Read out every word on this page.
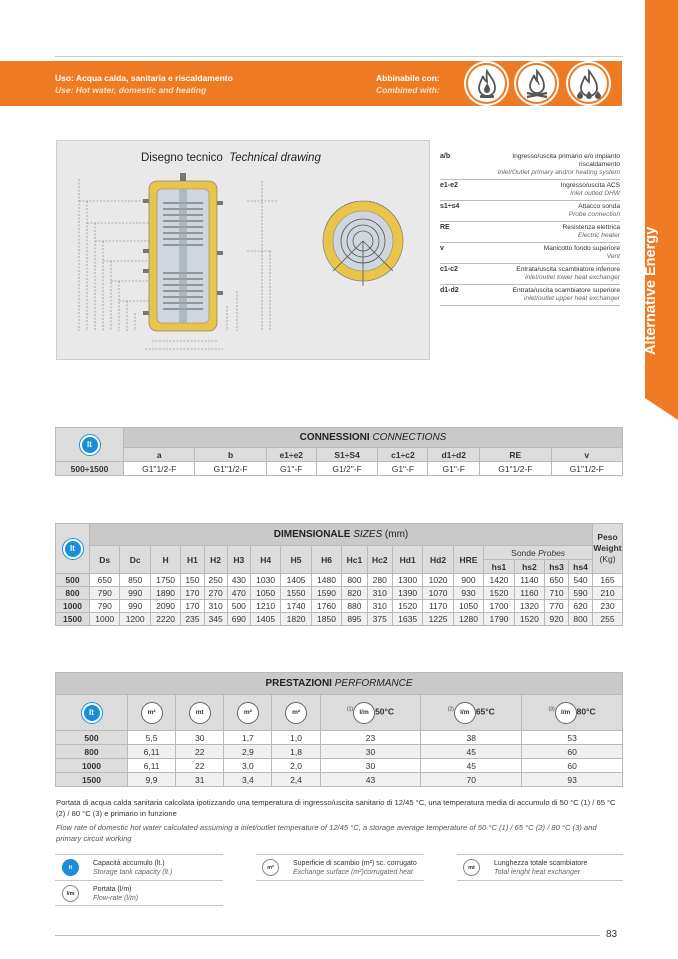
Uso: Acqua calda, sanitaria e riscaldamento
Use: Hot water, domestic and heating
Abbinabile con:
Combined with:
Alternative Energy
Disegno tecnico Technical drawing	a/b	Ingresso/uscita primario e/o impianto riscaldamento
Inlet/Outlet primary and/or heating system
e1-e2	Ingresso/uscita ACS
Inlet outled DHW
s1÷s4	Attacco sonda
Probe connection
RE	Resistenza elettrica
Electric heater
v	Manicotto fondo superiore
Vent
c1-c2	Entrata/uscita scambiatore inferiore
inlet/outlet lower heat exchanger
d1-d2	Entrata/uscita scambiatore superiore
inlet/outlet upper heat exchanger
lt	CONNESSIONI CONNECTIONS							
	a	b	e1÷e2	S1÷S4	c1÷c2	d1÷d2	RE	v
500÷1500	G1"1/2-F	G1"1/2-F	G1"-F	G1/2"-F	G1"-F	G1"-F	G1"1/2-F	G1"1/2-F
lt	DIMENSIONALE SIZES (mm)																		Peso Weight
(Kg)
	Ds	Dc	H	H1	H2	H3	H4	H5	H6	Hc1	Hc2	Hd1	Hd2	HRE	Sonde Probes				
															hs1	hs2	hs3	hs4	
500	650	850	1750	150	250	430	1030	1405	1480	800	280	1300	1020	900	1420	1140	650	540	165
800	790	990	1890	170	270	470	1050	1550	1590	820	310	1390	1070	930	1520	1160	710	590	210
1000	790	990	2090	170	310	500	1210	1740	1760	880	310	1520	1170	1050	1700	1320	770	620	230
1500	1000	1200	2220	235	345	690	1405	1820	1850	895	375	1635	1225	1280	1790	1520	920	800	255
PRESTAZIONI PERFORMANCE							
lt	m²	mt	m²	m²	$^{(1)}$ l/m 50°C	$^{(2)}$ l/m 65°C	$^{(3)}$ l/m 80°C
500	5,5	30	1,7	1,0	23	38	53
800	6,11	22	2,9	1,8	30	45	60
1000	6,11	22	3,0	2,0	30	45	60
1500	9,9	31	3,4	2,4	43	70	93
Portata di acqua calda sanitaria calcolata ipotizzando una temperatura di ingresso/uscita sanitario di 12/45 °C, una temperatura media di accumulo di 50 °C (1) / 65 °C (2) / 80 °C (3) e primario in funzione
Flow rate of domestic hot water calculated assuming a inlet/outlet temperature of 12/45 °C, a storage average temperature of 50 °C (1) / 65 °C (2) / 80 °C (3) and primary circuit working
lt
Capacità accumulo (lt.)
Storage tank capacity (lt.)
m²
Superficie di scambio (m²) sc. corrugato
Exchange surface (m²)corrugated heat
mt
Lunghezza totale scambiatore
Total lenght heat exchanger
l/m
Portata (l/m)
Flow-rate (l/m)
83
